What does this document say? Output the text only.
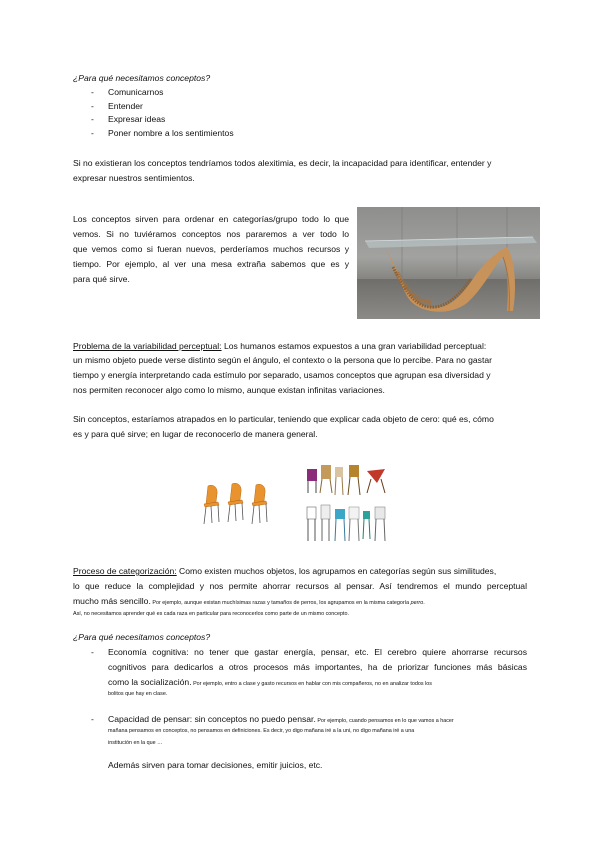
¿Para qué necesitamos conceptos?

-	Comunicarnos
-	Entender
-	Expresar ideas
-	Poner nombre a los sentimientos

Si no existieran los conceptos tendríamos todos alexitimia, es decir, la incapacidad para identificar, entender y

expresar nuestros sentimientos.

Los conceptos sirven para ordenar en categorías/grupo todo lo que

vemos. Si no tuviéramos conceptos nos pararemos a ver todo lo

que vemos como si fueran nuevos, perderíamos muchos recursos y

tiempo. Por ejemplo, al ver una mesa extraña sabemos que es y

para qué sirve.

Problema de la variabilidad perceptual: Los humanos estamos expuestos a una gran variabilidad perceptual:

un mismo objeto puede verse distinto según el ángulo, el contexto o la persona que lo percibe. Para no gastar

tiempo y energía interpretando cada estímulo por separado, usamos conceptos que agrupan esa diversidad y

nos permiten reconocer algo como lo mismo, aunque existan infinitas variaciones.

Sin conceptos, estaríamos atrapados en lo particular, teniendo que explicar cada objeto de cero: qué es, cómo

es y para qué sirve; en lugar de reconocerlo de manera general.

Proceso de categorización: Como existen muchos objetos, los agrupamos en categorías según sus similitudes,

lo que reduce la complejidad y nos permite ahorrar recursos al pensar. Así tendremos el mundo perceptual

mucho más sencillo. Por ejemplo, aunque existan muchísimas razas y tamaños de perros, los agrupamos en la misma categoría perro.

Así, no necesitamos aprender qué es cada raza en particular para reconocerlos como parte de un mismo concepto.

¿Para qué necesitamos conceptos?

- Economía cognitiva: no tener que gastar energía, pensar, etc. El cerebro quiere ahorrarse recursos

cognitivos para dedicarlos a otros procesos más importantes, ha de priorizar funciones más básicas

como la socialización. Por ejemplo, entro a clase y gasto recursos en hablar con mis compañeros, no en analizar todos los

bolitos que hay en clase.

- Capacidad de pensar: sin conceptos no puedo pensar. Por ejemplo, cuando pensamos en lo que vamos a hacer

mañana pensamos en conceptos, no pensamos en definiciones. Es decir, yo digo mañana iré a la uni, no digo mañana iré a una

institución en la que …

Además sirven para tomar decisiones, emitir juicios, etc.
